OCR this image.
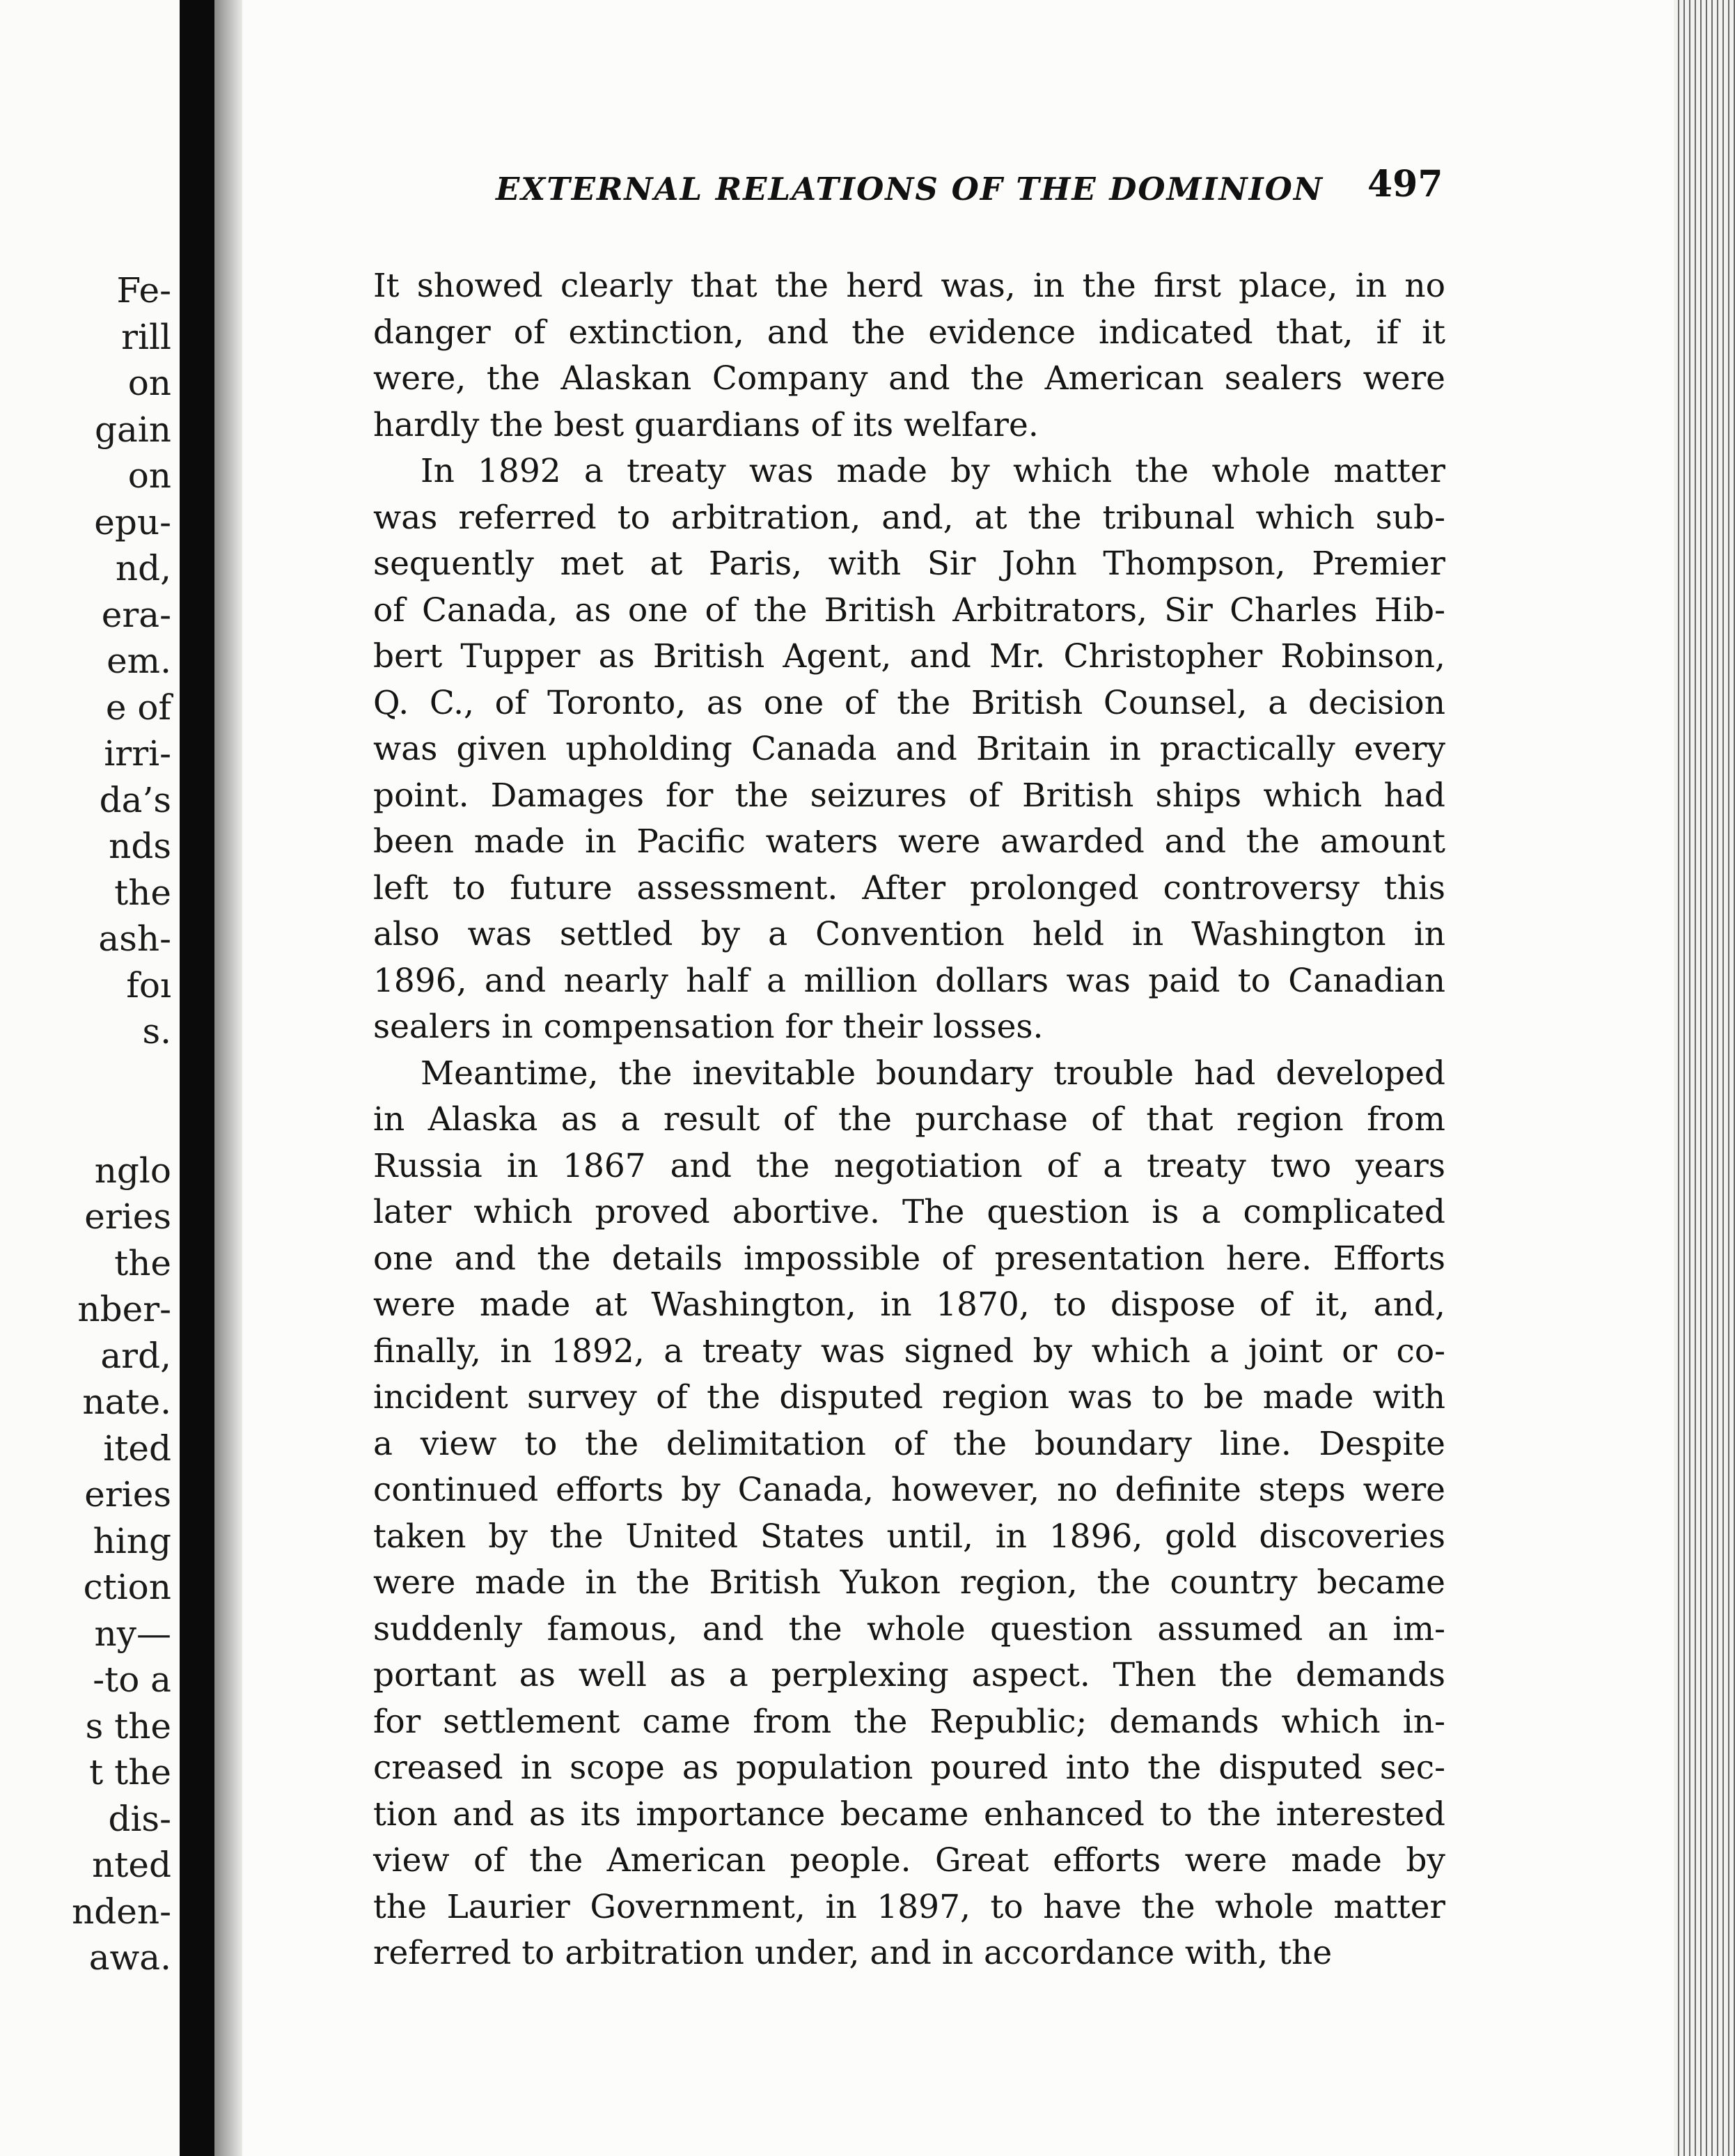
Fe-
rill
on
gain
on
epu-
nd,
era-
em.
e of
irri-
da’s
nds
the
ash-
foı
s.
nglo
eries
the
nber-
ard,
nate.
ited
eries
hing
ction
ny—
-to a
s the
t the
dis-
nted
nden-
awa.
EXTERNAL RELATIONS OF THE DOMINION	497
It showed clearly that the herd was, in the first place, in no
danger of extinction, and the evidence indicated that, if it
were, the Alaskan Company and the American sealers were
hardly the best guardians of its welfare.
In 1892 a treaty was made by which the whole matter
was referred to arbitration, and, at the tribunal which sub-
sequently met at Paris, with Sir John Thompson, Premier
of Canada, as one of the British Arbitrators, Sir Charles Hib-
bert Tupper as British Agent, and Mr. Christopher Robinson,
Q. C., of Toronto, as one of the British Counsel, a decision
was given upholding Canada and Britain in practically every
point. Damages for the seizures of British ships which had
been made in Pacific waters were awarded and the amount
left to future assessment. After prolonged controversy this
also was settled by a Convention held in Washington in
1896, and nearly half a million dollars was paid to Canadian
sealers in compensation for their losses.
Meantime, the inevitable boundary trouble had developed
in Alaska as a result of the purchase of that region from
Russia in 1867 and the negotiation of a treaty two years
later which proved abortive. The question is a complicated
one and the details impossible of presentation here. Efforts
were made at Washington, in 1870, to dispose of it, and,
finally, in 1892, a treaty was signed by which a joint or co-
incident survey of the disputed region was to be made with
a view to the delimitation of the boundary line. Despite
continued efforts by Canada, however, no definite steps were
taken by the United States until, in 1896, gold discoveries
were made in the British Yukon region, the country became
suddenly famous, and the whole question assumed an im-
portant as well as a perplexing aspect. Then the demands
for settlement came from the Republic; demands which in-
creased in scope as population poured into the disputed sec-
tion and as its importance became enhanced to the interested
view of the American people. Great efforts were made by
the Laurier Government, in 1897, to have the whole matter
referred to arbitration under, and in accordance with, the
